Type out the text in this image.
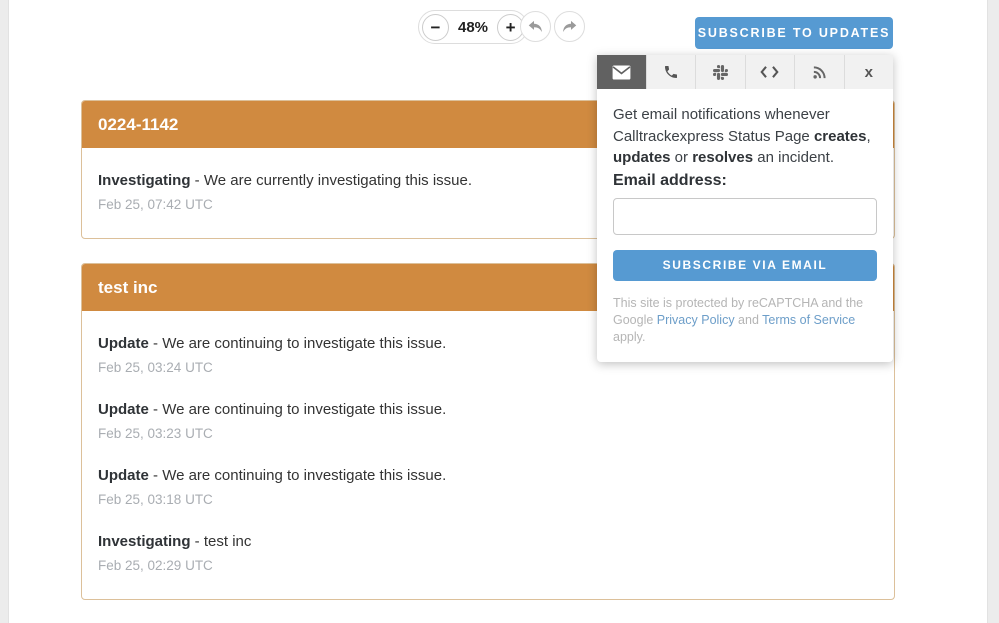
−	48%	+	SUBSCRIBE TO UPDATES
x
Get email notifications whenever Calltrackexpress Status Page creates, updates or resolves an incident.
Email address:
SUBSCRIBE VIA EMAIL
This site is protected by reCAPTCHA and the Google Privacy Policy and Terms of Service apply.
0224-1142
Investigating - We are currently investigating this issue.
Feb 25, 07:42 UTC
test inc
Update - We are continuing to investigate this issue.
Feb 25, 03:24 UTC
Update - We are continuing to investigate this issue.
Feb 25, 03:23 UTC
Update - We are continuing to investigate this issue.
Feb 25, 03:18 UTC
Investigating - test inc
Feb 25, 02:29 UTC
